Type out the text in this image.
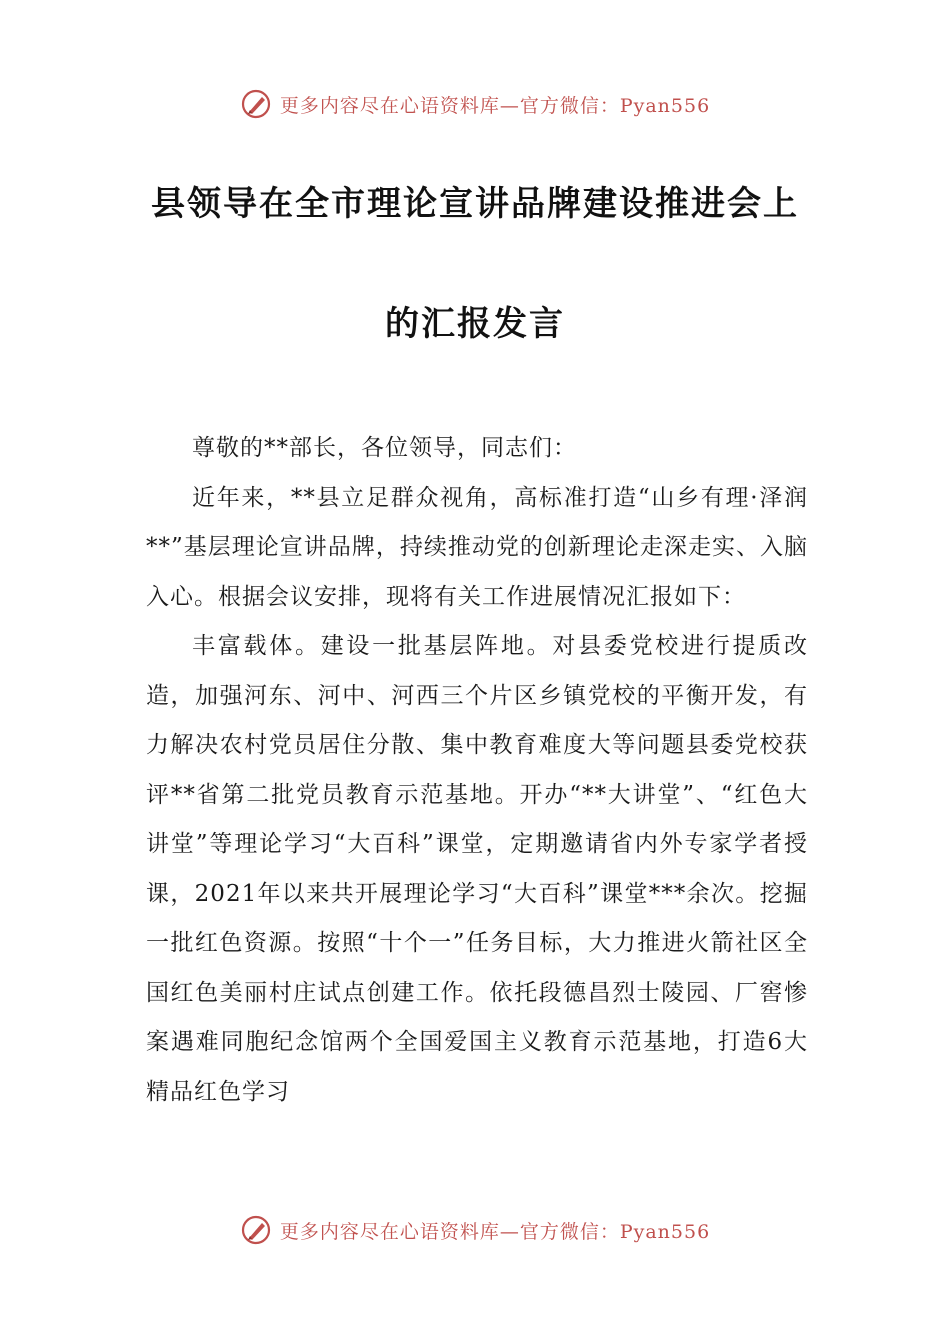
更多内容尽在心语资料库—官方微信：Pyan556
县领导在全市理论宣讲品牌建设推进会上
的汇报发言

尊敬的**部长，各位领导，同志们：

近年来，**县立足群众视角，高标准打造“山乡有理·泽润**”基层理论宣讲品牌，持续推动党的创新理论走深走实、入脑入心。根据会议安排，现将有关工作进展情况汇报如下：

丰富载体。建设一批基层阵地。对县委党校进行提质改造，加强河东、河中、河西三个片区乡镇党校的平衡开发，有力解决农村党员居住分散、集中教育难度大等问题县委党校获评**省第二批党员教育示范基地。开办“**大讲堂”、“红色大讲堂”等理论学习“大百科”课堂，定期邀请省内外专家学者授课，2021年以来共开展理论学习“大百科”课堂***余次。挖掘一批红色资源。按照“十个一”任务目标，大力推进火箭社区全国红色美丽村庄试点创建工作。依托段德昌烈士陵园、厂窖惨案遇难同胞纪念馆两个全国爱国主义教育示范基地，打造6大精品红色学习

更多内容尽在心语资料库—官方微信：Pyan556
